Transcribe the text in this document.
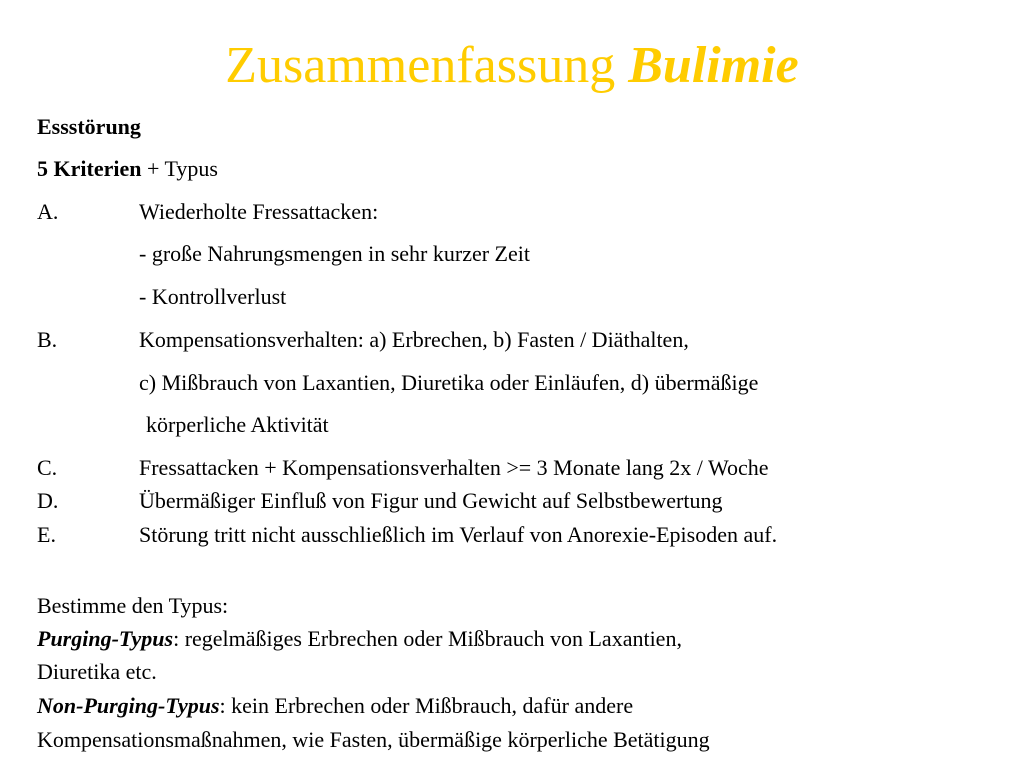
Zusammenfassung Bulimie
Essstörung
5 Kriterien + Typus
A.	Wiederholte Fressattacken:
- große Nahrungsmengen in sehr kurzer Zeit
- Kontrollverlust
B.	Kompensationsverhalten: a) Erbrechen, b) Fasten / Diäthalten,
c) Mißbrauch von Laxantien, Diuretika oder Einläufen, d) übermäßige
körperliche Aktivität
C.	Fressattacken + Kompensationsverhalten >= 3 Monate lang 2x / Woche
D.	Übermäßiger Einfluß von Figur und Gewicht auf Selbstbewertung
E.	Störung tritt nicht ausschließlich im Verlauf von Anorexie-Episoden auf.
Bestimme den Typus:
Purging-Typus: regelmäßiges Erbrechen oder Mißbrauch von Laxantien,
Diuretika etc.
Non-Purging-Typus: kein Erbrechen oder Mißbrauch, dafür andere
Kompensationsmaßnahmen, wie Fasten, übermäßige körperliche Betätigung
